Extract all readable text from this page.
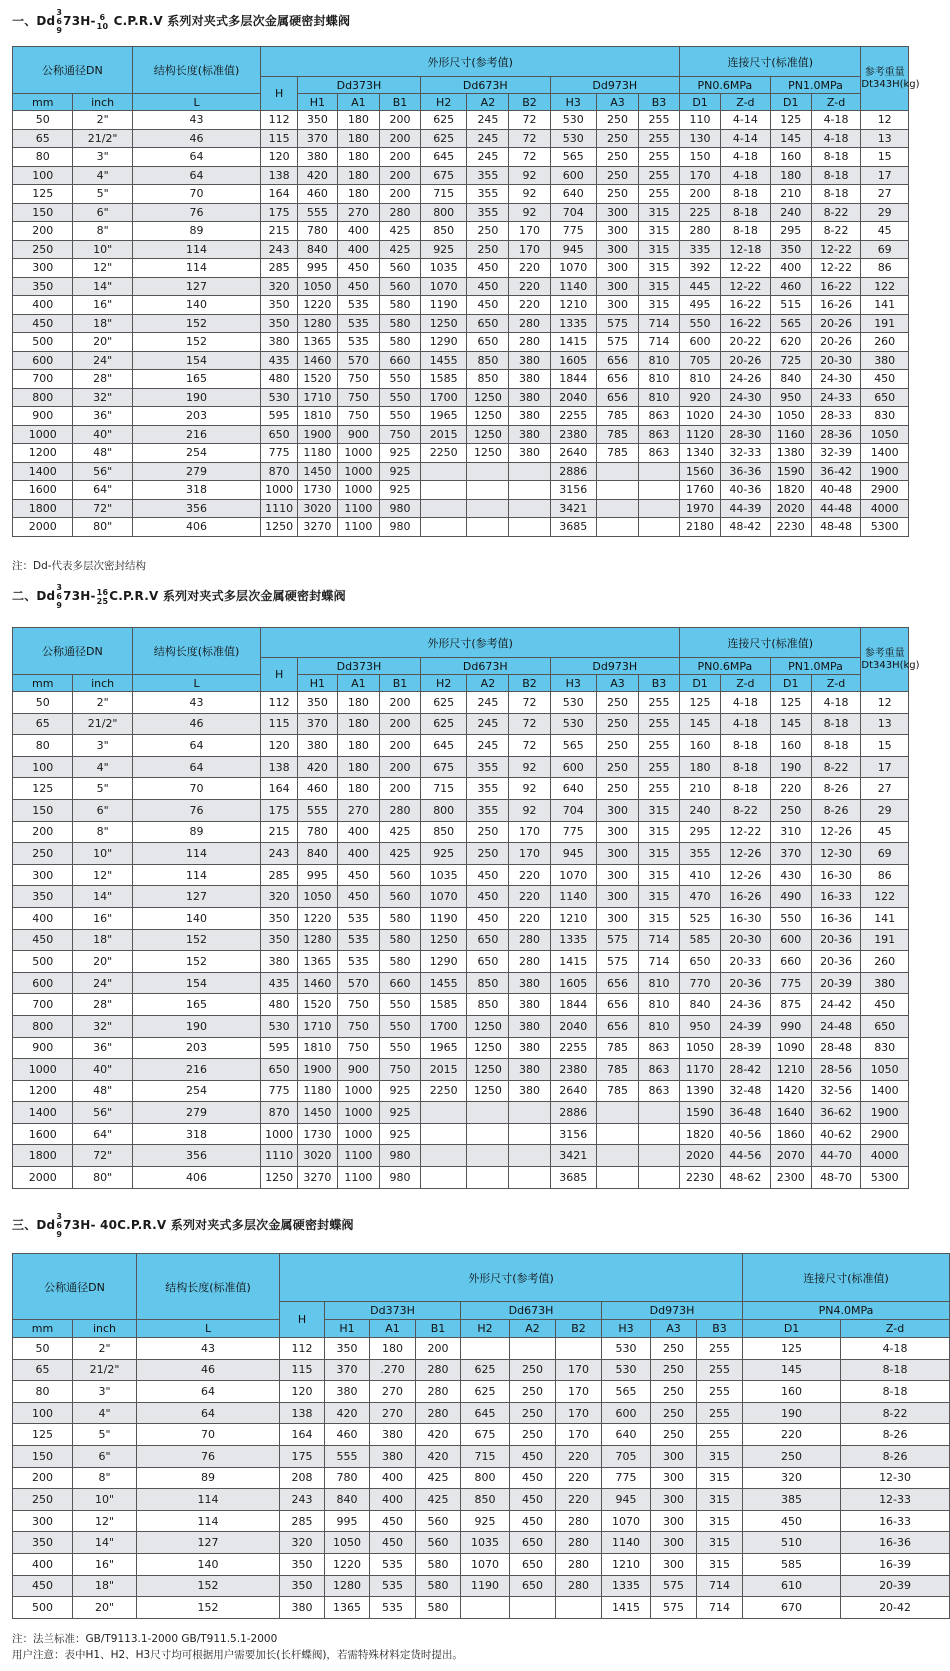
一、Dd
3
6
9
73H- 6
10 C.P.R.V 系列对夹式多层次金属硬密封蝶阀
公称通径DN		结构长度(标准值)	外形尺寸(参考值)										连接尺寸(标准值)				参考重量Dt343H(kg)
			H	Dd373H			Dd673H			Dd973H			PN0.6MPa		PN1.0MPa		
mm	inch	L		H1	A1	B1	H2	A2	B2	H3	A3	B3	D1	Z-d	D1	Z-d	
50	2"	43	112	350	180	200	625	245	72	530	250	255	110	4-14	125	4-18	12
65	21/2"	46	115	370	180	200	625	245	72	530	250	255	130	4-14	145	4-18	13
80	3"	64	120	380	180	200	645	245	72	565	250	255	150	4-18	160	8-18	15
100	4"	64	138	420	180	200	675	355	92	600	250	255	170	4-18	180	8-18	17
125	5"	70	164	460	180	200	715	355	92	640	250	255	200	8-18	210	8-18	27
150	6"	76	175	555	270	280	800	355	92	704	300	315	225	8-18	240	8-22	29
200	8"	89	215	780	400	425	850	250	170	775	300	315	280	8-18	295	8-22	45
250	10"	114	243	840	400	425	925	250	170	945	300	315	335	12-18	350	12-22	69
300	12"	114	285	995	450	560	1035	450	220	1070	300	315	392	12-22	400	12-22	86
350	14"	127	320	1050	450	560	1070	450	220	1140	300	315	445	12-22	460	16-22	122
400	16"	140	350	1220	535	580	1190	450	220	1210	300	315	495	16-22	515	16-26	141
450	18"	152	350	1280	535	580	1250	650	280	1335	575	714	550	16-22	565	20-26	191
500	20"	152	380	1365	535	580	1290	650	280	1415	575	714	600	20-22	620	20-26	260
600	24"	154	435	1460	570	660	1455	850	380	1605	656	810	705	20-26	725	20-30	380
700	28"	165	480	1520	750	550	1585	850	380	1844	656	810	810	24-26	840	24-30	450
800	32"	190	530	1710	750	550	1700	1250	380	2040	656	810	920	24-30	950	24-33	650
900	36"	203	595	1810	750	550	1965	1250	380	2255	785	863	1020	24-30	1050	28-33	830
1000	40"	216	650	1900	900	750	2015	1250	380	2380	785	863	1120	28-30	1160	28-36	1050
1200	48"	254	775	1180	1000	925	2250	1250	380	2640	785	863	1340	32-33	1380	32-39	1400
1400	56"	279	870	1450	1000	925				2886			1560	36-36	1590	36-42	1900
1600	64"	318	1000	1730	1000	925				3156			1760	40-36	1820	40-48	2900
1800	72"	356	1110	3020	1100	980				3421			1970	44-39	2020	44-48	4000
2000	80"	406	1250	3270	1100	980				3685			2180	48-42	2230	48-48	5300
注：Dd-代表多层次密封结构
二、Dd
3
6
9
73H- 16
25 C.P.R.V 系列对夹式多层次金属硬密封蝶阀
公称通径DN		结构长度(标准值)	外形尺寸(参考值)										连接尺寸(标准值)				参考重量Dt343H(kg)
			H	Dd373H			Dd673H			Dd973H			PN0.6MPa		PN1.0MPa		
mm	inch	L		H1	A1	B1	H2	A2	B2	H3	A3	B3	D1	Z-d	D1	Z-d	
50	2"	43	112	350	180	200	625	245	72	530	250	255	125	4-18	125	4-18	12
65	21/2"	46	115	370	180	200	625	245	72	530	250	255	145	4-18	145	8-18	13
80	3"	64	120	380	180	200	645	245	72	565	250	255	160	8-18	160	8-18	15
100	4"	64	138	420	180	200	675	355	92	600	250	255	180	8-18	190	8-22	17
125	5"	70	164	460	180	200	715	355	92	640	250	255	210	8-18	220	8-26	27
150	6"	76	175	555	270	280	800	355	92	704	300	315	240	8-22	250	8-26	29
200	8"	89	215	780	400	425	850	250	170	775	300	315	295	12-22	310	12-26	45
250	10"	114	243	840	400	425	925	250	170	945	300	315	355	12-26	370	12-30	69
300	12"	114	285	995	450	560	1035	450	220	1070	300	315	410	12-26	430	16-30	86
350	14"	127	320	1050	450	560	1070	450	220	1140	300	315	470	16-26	490	16-33	122
400	16"	140	350	1220	535	580	1190	450	220	1210	300	315	525	16-30	550	16-36	141
450	18"	152	350	1280	535	580	1250	650	280	1335	575	714	585	20-30	600	20-36	191
500	20"	152	380	1365	535	580	1290	650	280	1415	575	714	650	20-33	660	20-36	260
600	24"	154	435	1460	570	660	1455	850	380	1605	656	810	770	20-36	775	20-39	380
700	28"	165	480	1520	750	550	1585	850	380	1844	656	810	840	24-36	875	24-42	450
800	32"	190	530	1710	750	550	1700	1250	380	2040	656	810	950	24-39	990	24-48	650
900	36"	203	595	1810	750	550	1965	1250	380	2255	785	863	1050	28-39	1090	28-48	830
1000	40"	216	650	1900	900	750	2015	1250	380	2380	785	863	1170	28-42	1210	28-56	1050
1200	48"	254	775	1180	1000	925	2250	1250	380	2640	785	863	1390	32-48	1420	32-56	1400
1400	56"	279	870	1450	1000	925				2886			1590	36-48	1640	36-62	1900
1600	64"	318	1000	1730	1000	925				3156			1820	40-56	1860	40-62	2900
1800	72"	356	1110	3020	1100	980				3421			2020	44-56	2070	44-70	4000
2000	80"	406	1250	3270	1100	980				3685			2230	48-62	2300	48-70	5300
三、Dd
3
6
9
73H- 40C.P.R.V 系列对夹式多层次金属硬密封蝶阀
公称通径DN		结构长度(标准值)	外形尺寸(参考值)										连接尺寸(标准值)	
			H	Dd373H			Dd673H			Dd973H			PN4.0MPa	
mm	inch	L		H1	A1	B1	H2	A2	B2	H3	A3	B3	D1	Z-d
50	2"	43	112	350	180	200				530	250	255	125	4-18
65	21/2"	46	115	370	.270	280	625	250	170	530	250	255	145	8-18
80	3"	64	120	380	270	280	625	250	170	565	250	255	160	8-18
100	4"	64	138	420	270	280	645	250	170	600	250	255	190	8-22
125	5"	70	164	460	380	420	675	250	170	640	250	255	220	8-26
150	6"	76	175	555	380	420	715	450	220	705	300	315	250	8-26
200	8"	89	208	780	400	425	800	450	220	775	300	315	320	12-30
250	10"	114	243	840	400	425	850	450	220	945	300	315	385	12-33
300	12"	114	285	995	450	560	925	450	280	1070	300	315	450	16-33
350	14"	127	320	1050	450	560	1035	650	280	1140	300	315	510	16-36
400	16"	140	350	1220	535	580	1070	650	280	1210	300	315	585	16-39
450	18"	152	350	1280	535	580	1190	650	280	1335	575	714	610	20-39
500	20"	152	380	1365	535	580				1415	575	714	670	20-42
注：法兰标准：GB/T9113.1-2000 GB/T911.5.1-2000
用户注意：表中H1、H2、H3尺寸均可根据用户需要加长(长杆蝶阀)，若需特殊材料定货时提出。
